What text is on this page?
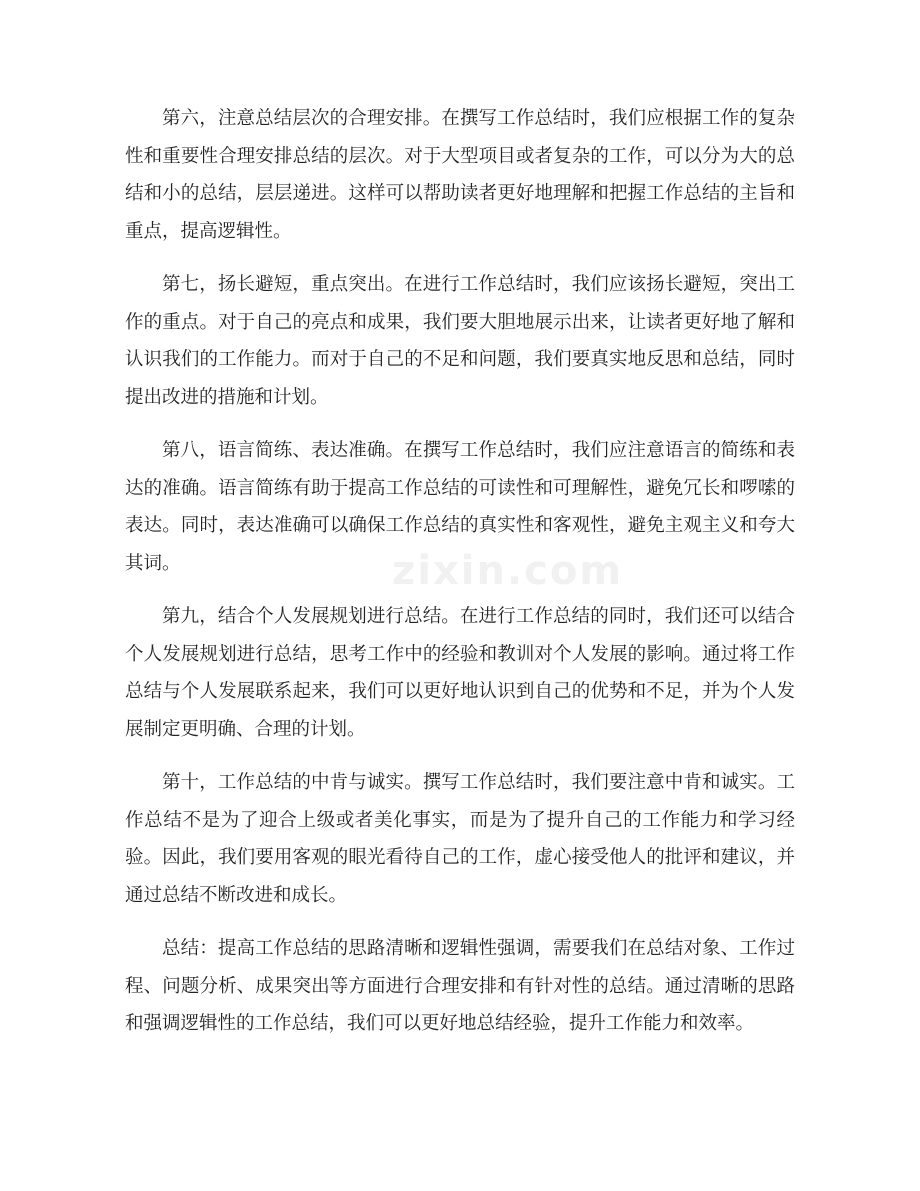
第六，注意总结层次的合理安排。在撰写工作总结时，我们应根据工作的复杂性和重要性合理安排总结的层次。对于大型项目或者复杂的工作，可以分为大的总结和小的总结，层层递进。这样可以帮助读者更好地理解和把握工作总结的主旨和重点，提高逻辑性。

第七，扬长避短，重点突出。在进行工作总结时，我们应该扬长避短，突出工作的重点。对于自己的亮点和成果，我们要大胆地展示出来，让读者更好地了解和认识我们的工作能力。而对于自己的不足和问题，我们要真实地反思和总结，同时提出改进的措施和计划。

第八，语言简练、表达准确。在撰写工作总结时，我们应注意语言的简练和表达的准确。语言简练有助于提高工作总结的可读性和可理解性，避免冗长和啰嗦的表达。同时，表达准确可以确保工作总结的真实性和客观性，避免主观主义和夸大其词。

第九，结合个人发展规划进行总结。在进行工作总结的同时，我们还可以结合个人发展规划进行总结，思考工作中的经验和教训对个人发展的影响。通过将工作总结与个人发展联系起来，我们可以更好地认识到自己的优势和不足，并为个人发展制定更明确、合理的计划。

第十，工作总结的中肯与诚实。撰写工作总结时，我们要注意中肯和诚实。工作总结不是为了迎合上级或者美化事实，而是为了提升自己的工作能力和学习经验。因此，我们要用客观的眼光看待自己的工作，虚心接受他人的批评和建议，并通过总结不断改进和成长。

总结：提高工作总结的思路清晰和逻辑性强调，需要我们在总结对象、工作过程、问题分析、成果突出等方面进行合理安排和有针对性的总结。通过清晰的思路和强调逻辑性的工作总结，我们可以更好地总结经验，提升工作能力和效率。

zixin.com
